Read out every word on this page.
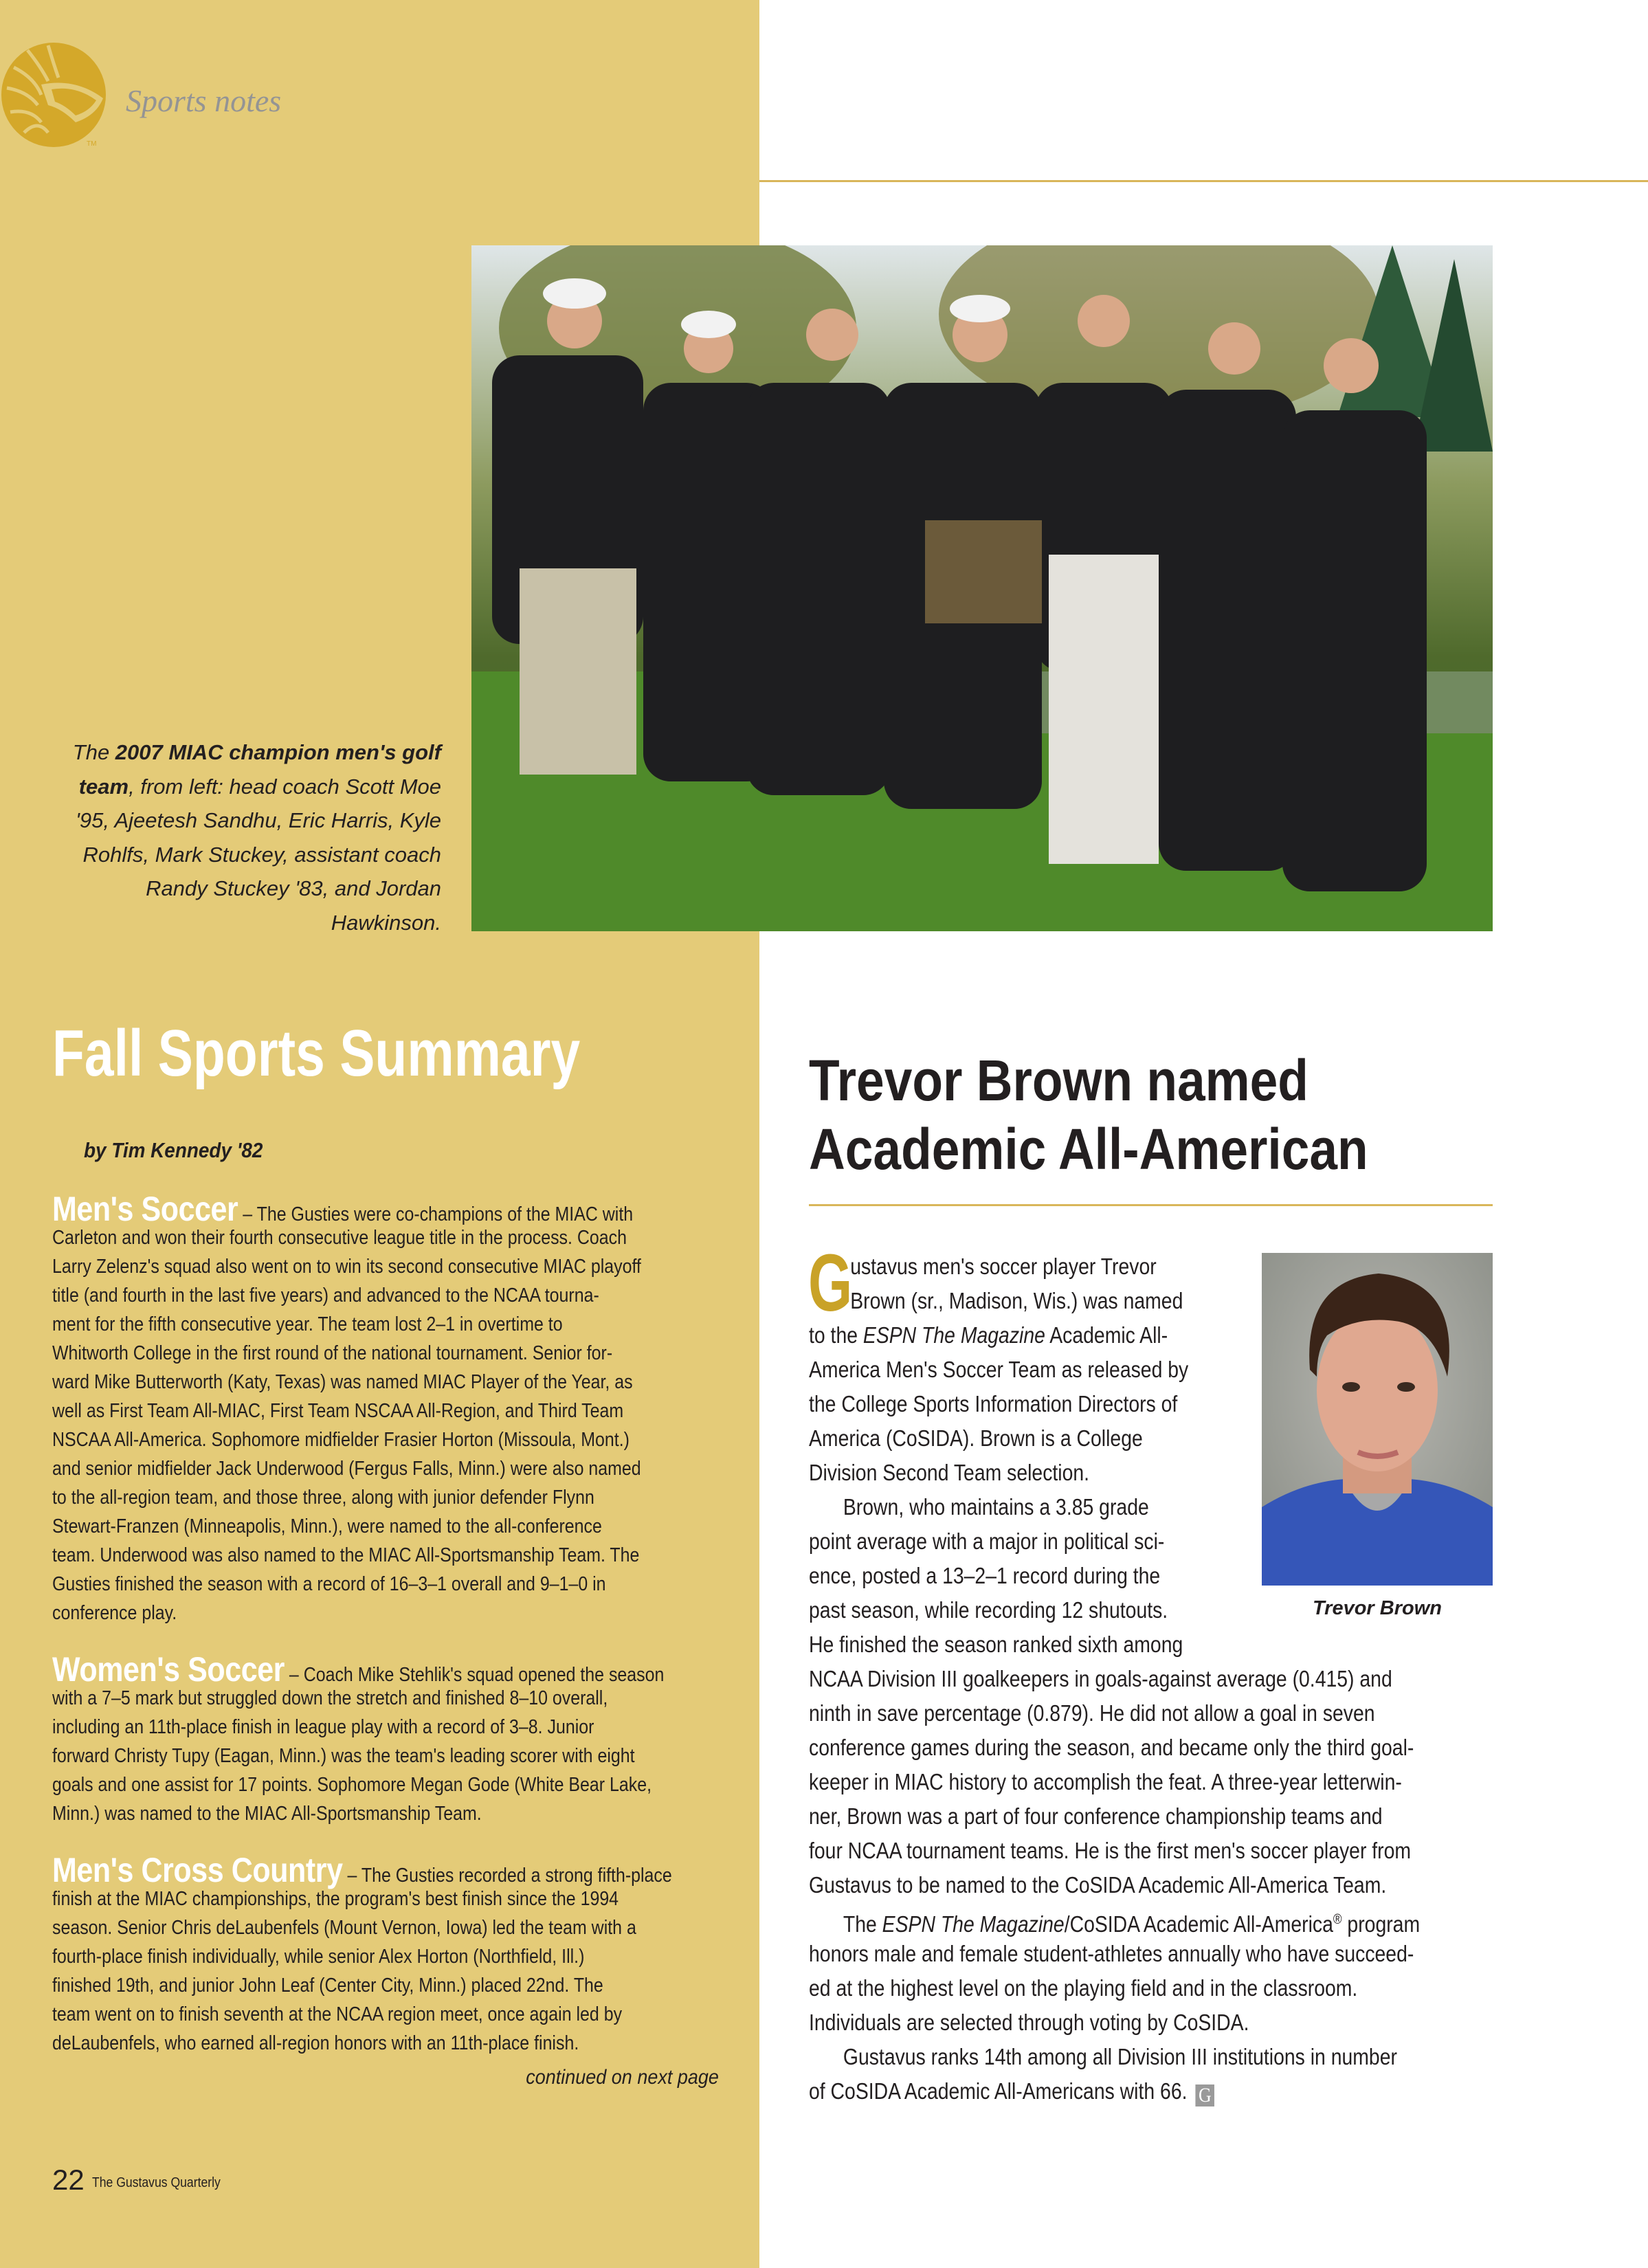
TM
Sports notes
The 2007 MIAC champion men's golf
team, from left: head coach Scott Moe
'95, Ajeetesh Sandhu, Eric Harris, Kyle
Rohlfs, Mark Stuckey, assistant coach
Randy Stuckey '83, and Jordan
Hawkinson.
Fall Sports Summary
by Tim Kennedy '82
Men's Soccer – The Gusties were co-champions of the MIAC with
Carleton and won their fourth consecutive league title in the process. Coach
Larry Zelenz's squad also went on to win its second consecutive MIAC playoff
title (and fourth in the last five years) and advanced to the NCAA tourna-
ment for the fifth consecutive year. The team lost 2–1 in overtime to
Whitworth College in the first round of the national tournament. Senior for-
ward Mike Butterworth (Katy, Texas) was named MIAC Player of the Year, as
well as First Team All-MIAC, First Team NSCAA All-Region, and Third Team
NSCAA All-America. Sophomore midfielder Frasier Horton (Missoula, Mont.)
and senior midfielder Jack Underwood (Fergus Falls, Minn.) were also named
to the all-region team, and those three, along with junior defender Flynn
Stewart-Franzen (Minneapolis, Minn.), were named to the all-conference
team. Underwood was also named to the MIAC All-Sportsmanship Team. The
Gusties finished the season with a record of 16–3–1 overall and 9–1–0 in
conference play.
Women's Soccer – Coach Mike Stehlik's squad opened the season
with a 7–5 mark but struggled down the stretch and finished 8–10 overall,
including an 11th-place finish in league play with a record of 3–8. Junior
forward Christy Tupy (Eagan, Minn.) was the team's leading scorer with eight
goals and one assist for 17 points. Sophomore Megan Gode (White Bear Lake,
Minn.) was named to the MIAC All-Sportsmanship Team.
Men's Cross Country – The Gusties recorded a strong fifth-place
finish at the MIAC championships, the program's best finish since the 1994
season. Senior Chris deLaubenfels (Mount Vernon, Iowa) led the team with a
fourth-place finish individually, while senior Alex Horton (Northfield, Ill.)
finished 19th, and junior John Leaf (Center City, Minn.) placed 22nd. The
team went on to finish seventh at the NCAA region meet, once again led by
deLaubenfels, who earned all-region honors with an 11th-place finish.
continued on next page
22 The Gustavus Quarterly
Trevor Brown named
Academic All-American
G
ustavus men's soccer player Trevor
Brown (sr., Madison, Wis.) was named
to the ESPN The Magazine Academic All-
America Men's Soccer Team as released by
the College Sports Information Directors of
America (CoSIDA). Brown is a College
Division Second Team selection.
Brown, who maintains a 3.85 grade
point average with a major in political sci-
ence, posted a 13–2–1 record during the
past season, while recording 12 shutouts.
He finished the season ranked sixth among
NCAA Division III goalkeepers in goals-against average (0.415) and
ninth in save percentage (0.879). He did not allow a goal in seven
conference games during the season, and became only the third goal-
keeper in MIAC history to accomplish the feat. A three-year letterwin-
ner, Brown was a part of four conference championship teams and
four NCAA tournament teams. He is the first men's soccer player from
Gustavus to be named to the CoSIDA Academic All-America Team.
The ESPN The Magazine/CoSIDA Academic All-America® program
honors male and female student-athletes annually who have succeed-
ed at the highest level on the playing field and in the classroom.
Individuals are selected through voting by CoSIDA.
Gustavus ranks 14th among all Division III institutions in number
of CoSIDA Academic All-Americans with 66. G
Trevor Brown
